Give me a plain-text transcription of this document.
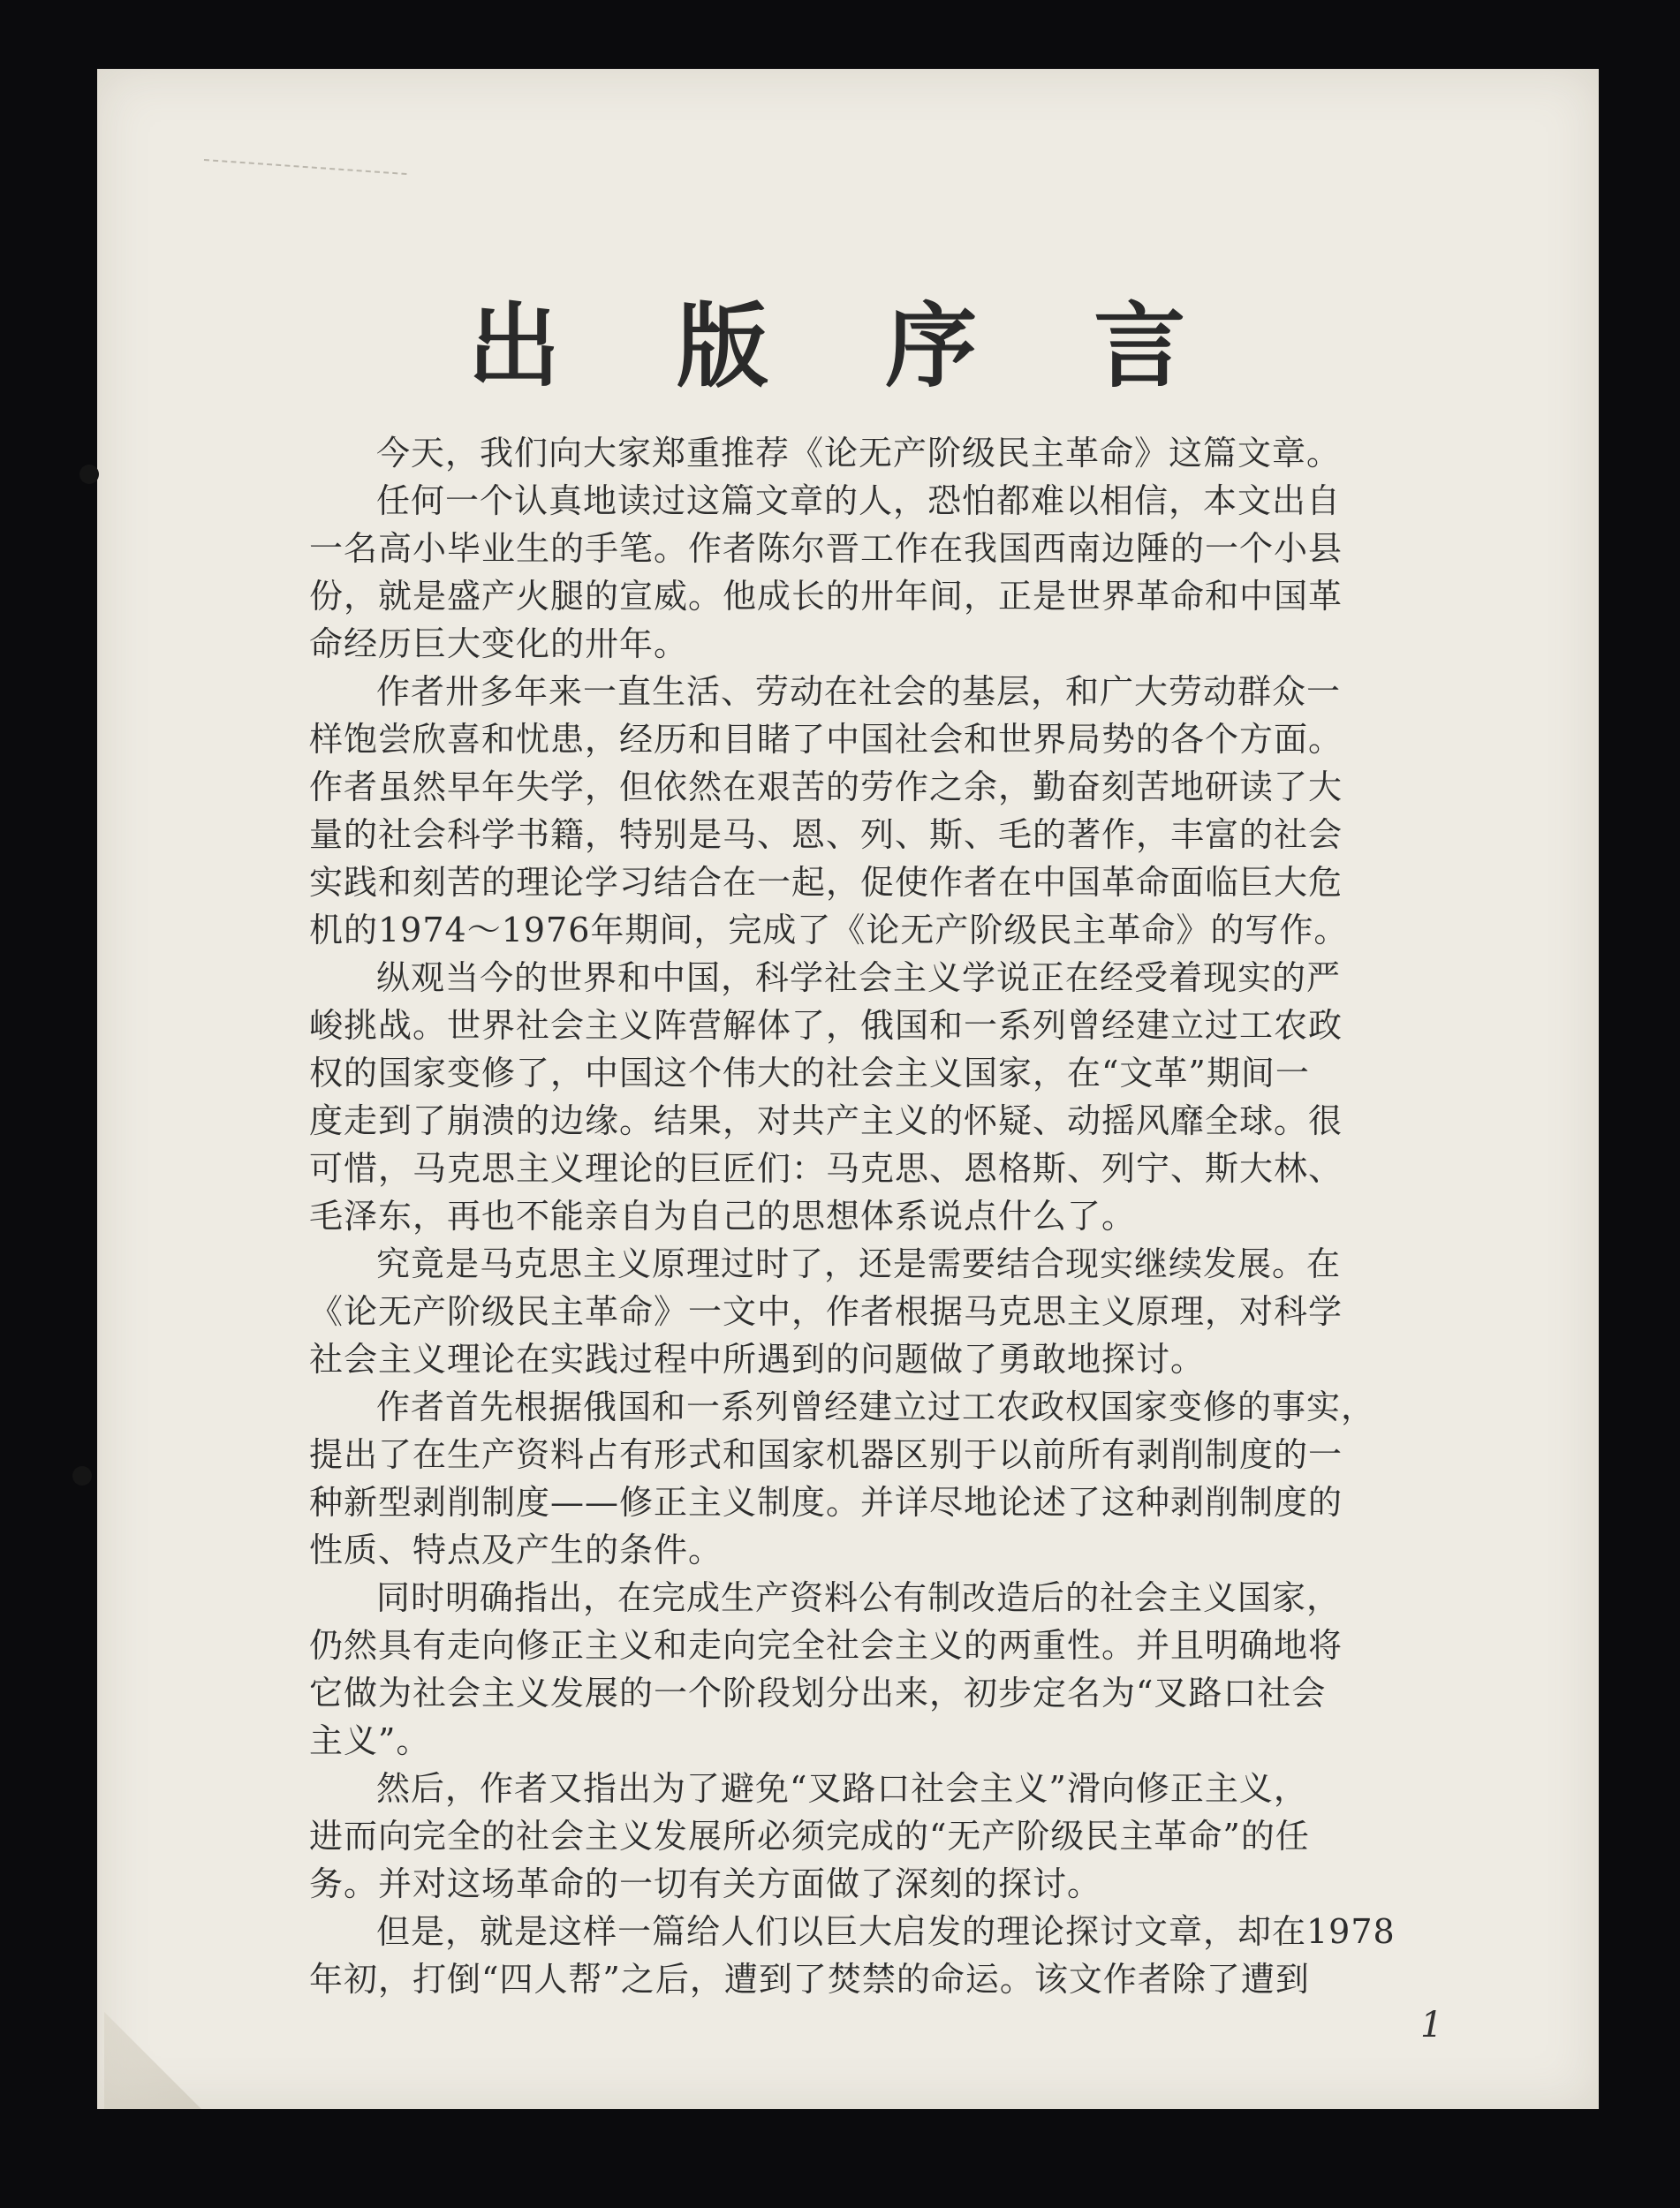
出 版 序 言
今天，我们向大家郑重推荐《论无产阶级民主革命》这篇文章。
任何一个认真地读过这篇文章的人，恐怕都难以相信，本文出自
一名高小毕业生的手笔。作者陈尔晋工作在我国西南边陲的一个小县
份，就是盛产火腿的宣威。他成长的卅年间，正是世界革命和中国革
命经历巨大变化的卅年。
作者卅多年来一直生活、劳动在社会的基层，和广大劳动群众一
样饱尝欣喜和忧患，经历和目睹了中国社会和世界局势的各个方面。
作者虽然早年失学，但依然在艰苦的劳作之余，勤奋刻苦地研读了大
量的社会科学书籍，特别是马、恩、列、斯、毛的著作，丰富的社会
实践和刻苦的理论学习结合在一起，促使作者在中国革命面临巨大危
机的1974～1976年期间，完成了《论无产阶级民主革命》的写作。
纵观当今的世界和中国，科学社会主义学说正在经受着现实的严
峻挑战。世界社会主义阵营解体了，俄国和一系列曾经建立过工农政
权的国家变修了，中国这个伟大的社会主义国家，在“文革”期间一
度走到了崩溃的边缘。结果，对共产主义的怀疑、动摇风靡全球。很
可惜，马克思主义理论的巨匠们：马克思、恩格斯、列宁、斯大林、
毛泽东，再也不能亲自为自己的思想体系说点什么了。
究竟是马克思主义原理过时了，还是需要结合现实继续发展。在
《论无产阶级民主革命》一文中，作者根据马克思主义原理，对科学
社会主义理论在实践过程中所遇到的问题做了勇敢地探讨。
作者首先根据俄国和一系列曾经建立过工农政权国家变修的事实，
提出了在生产资料占有形式和国家机器区别于以前所有剥削制度的一
种新型剥削制度——修正主义制度。并详尽地论述了这种剥削制度的
性质、特点及产生的条件。
同时明确指出，在完成生产资料公有制改造后的社会主义国家，
仍然具有走向修正主义和走向完全社会主义的两重性。并且明确地将
它做为社会主义发展的一个阶段划分出来，初步定名为“叉路口社会
主义”。
然后，作者又指出为了避免“叉路口社会主义”滑向修正主义，
进而向完全的社会主义发展所必须完成的“无产阶级民主革命”的任
务。并对这场革命的一切有关方面做了深刻的探讨。
但是，就是这样一篇给人们以巨大启发的理论探讨文章，却在1978
年初，打倒“四人帮”之后，遭到了焚禁的命运。该文作者除了遭到
1
